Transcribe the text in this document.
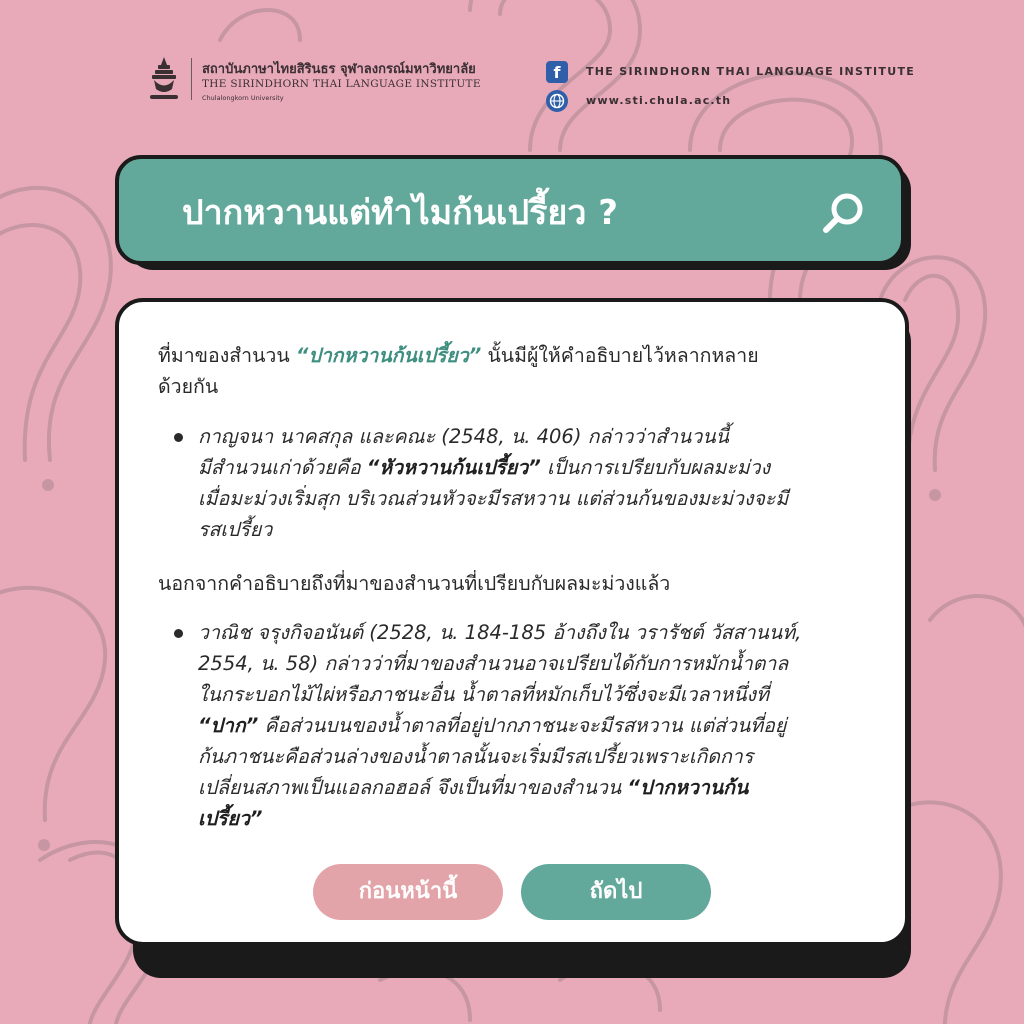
สถาบันภาษาไทยสิรินธร จุฬาลงกรณ์มหาวิทยาลัย
THE SIRINDHORN THAI LANGUAGE INSTITUTE
Chulalongkorn University
f	THE SIRINDHORN THAI LANGUAGE INSTITUTE
www.sti.chula.ac.th
ปากหวานแต่ทำไมก้นเปรี้ยว ?
ที่มาของสำนวน “ปากหวานก้นเปรี้ยว” นั้นมีผู้ให้คำอธิบายไว้หลากหลาย
ด้วยกัน
กาญจนา นาคสกุล และคณะ (2548, น. 406) กล่าวว่าสำนวนนี้
มีสำนวนเก่าด้วยคือ “หัวหวานก้นเปรี้ยว” เป็นการเปรียบกับผลมะม่วง
เมื่อมะม่วงเริ่มสุก บริเวณส่วนหัวจะมีรสหวาน แต่ส่วนก้นของมะม่วงจะมี
รสเปรี้ยว
นอกจากคำอธิบายถึงที่มาของสำนวนที่เปรียบกับผลมะม่วงแล้ว
วาณิช จรุงกิจอนันต์ (2528, น. 184-185 อ้างถึงใน วรารัชต์ วัสสานนท์,
2554, น. 58) กล่าวว่าที่มาของสำนวนอาจเปรียบได้กับการหมักน้ำตาล
ในกระบอกไม้ไผ่หรือภาชนะอื่น น้ำตาลที่หมักเก็บไว้ซึ่งจะมีเวลาหนึ่งที่
“ปาก” คือส่วนบนของน้ำตาลที่อยู่ปากภาชนะจะมีรสหวาน แต่ส่วนที่อยู่
ก้นภาชนะคือส่วนล่างของน้ำตาลนั้นจะเริ่มมีรสเปรี้ยวเพราะเกิดการ
เปลี่ยนสภาพเป็นแอลกอฮอล์ จึงเป็นที่มาของสำนวน “ปากหวานก้น
เปรี้ยว”
ก่อนหน้านี้	ถัดไป
